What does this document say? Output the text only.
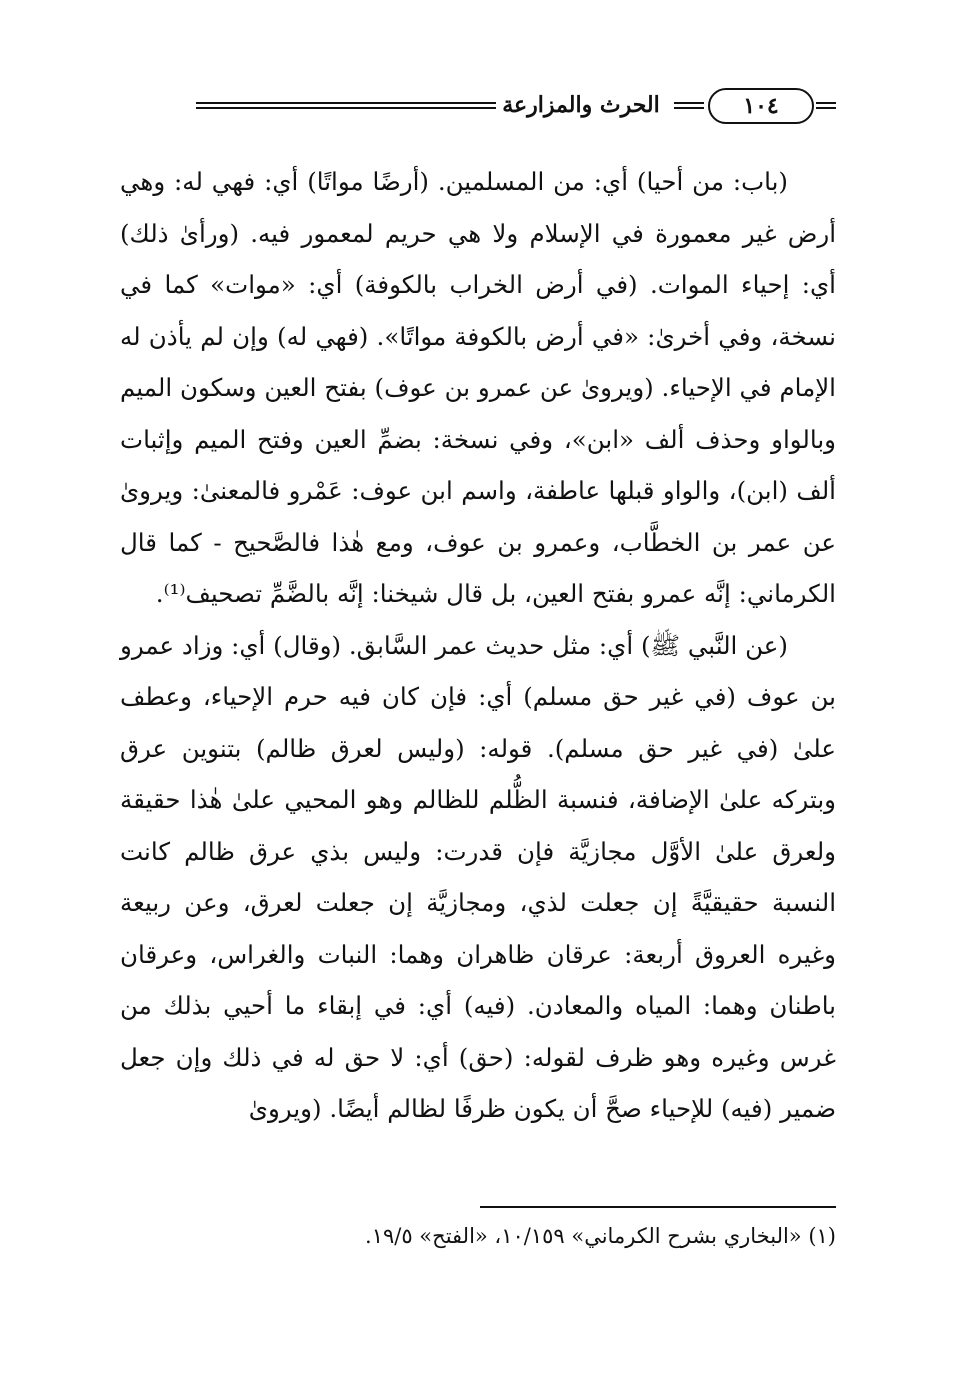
١٠٤
الحرث والمزارعة

(باب: من أحيا) أي: من المسلمين. (أرضًا مواتًا) أي: فهي له: وهي أرض غير معمورة في الإسلام ولا هي حريم لمعمور فيه. (ورأىٰ ذلك) أي: إحياء الموات. (في أرض الخراب بالكوفة) أي: «موات» كما في نسخة، وفي أخرىٰ: «في أرض بالكوفة مواتًا». (فهي له) وإن لم يأذن له الإمام في الإحياء. (ويروىٰ عن عمرو بن عوف) بفتح العين وسكون الميم وبالواو وحذف ألف «ابن»، وفي نسخة: بضمِّ العين وفتح الميم وإثبات ألف (ابن)، والواو قبلها عاطفة، واسم ابن عوف: عَمْرو فالمعنىٰ: ويروىٰ عن عمر بن الخطَّاب، وعمرو بن عوف، ومع هٰذا فالصَّحيح - كما قال الكرماني: إنَّه عمرو بفتح العين، بل قال شيخنا: إنَّه بالضَّمِّ تصحيف⁽¹⁾.

(عن النَّبي ﷺ) أي: مثل حديث عمر السَّابق. (وقال) أي: وزاد عمرو بن عوف (في غير حق مسلم) أي: فإن كان فيه حرم الإحياء، وعطف علىٰ (في غير حق مسلم). قوله: (وليس لعرق ظالم) بتنوين عرق وبتركه علىٰ الإضافة، فنسبة الظُّلم للظالم وهو المحيي علىٰ هٰذا حقيقة ولعرق علىٰ الأوَّل مجازيَّة فإن قدرت: وليس بذي عرق ظالم كانت النسبة حقيقيَّةً إن جعلت لذي، ومجازيَّة إن جعلت لعرق، وعن ربيعة وغيره العروق أربعة: عرقان ظاهران وهما: النبات والغراس، وعرقان باطنان وهما: المياه والمعادن. (فيه) أي: في إبقاء ما أحيي بذلك من غرس وغيره وهو ظرف لقوله: (حق) أي: لا حق له في ذلك وإن جعل ضمير (فيه) للإحياء صحَّ أن يكون ظرفًا لظالم أيضًا. (ويروىٰ

(١) «البخاري بشرح الكرماني» ١٠/١٥٩، «الفتح» ١٩/٥.
